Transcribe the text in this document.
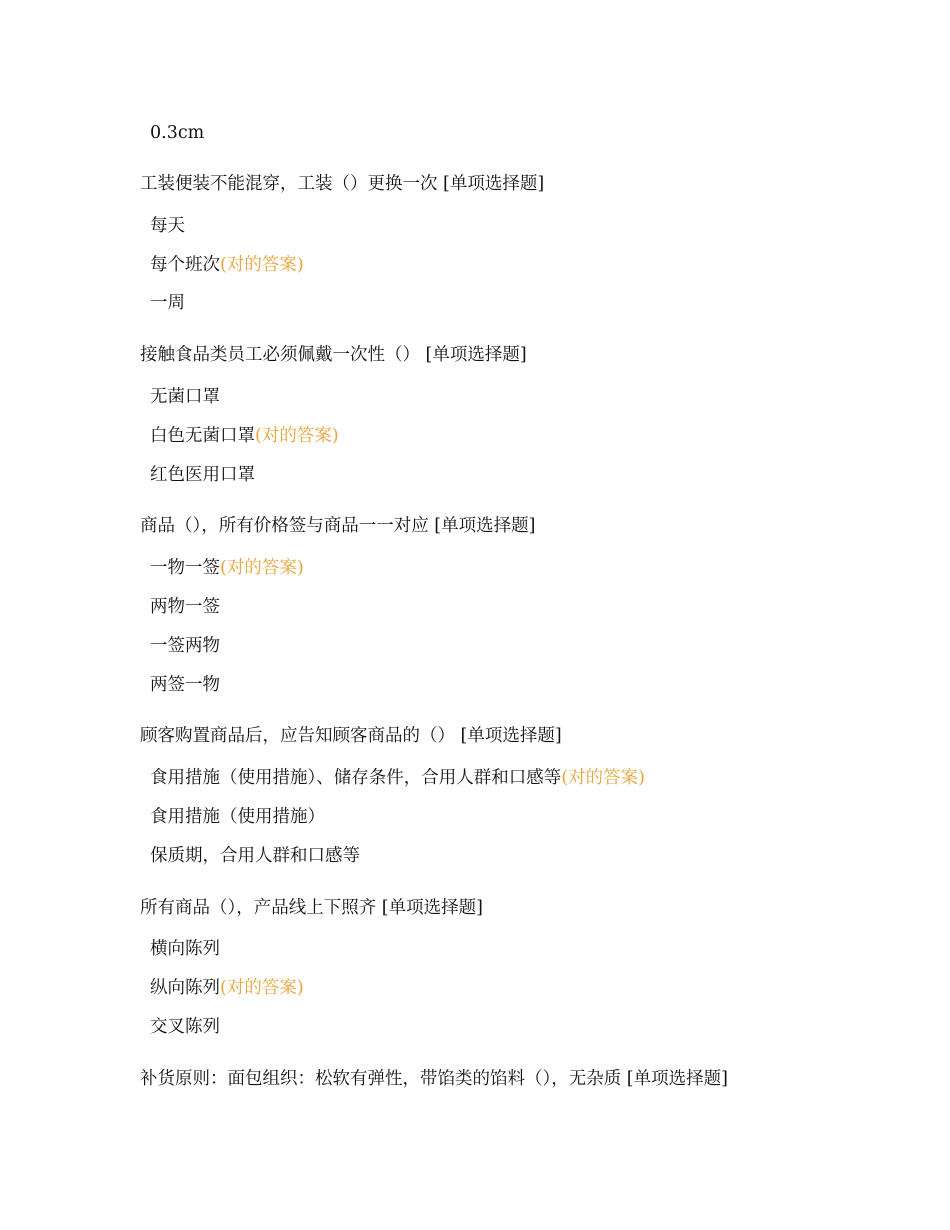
0.3cm
工装便装不能混穿，工装（）更换一次 [单项选择题]
每天
每个班次(对的答案)
一周
接触食品类员工必须佩戴一次性（） [单项选择题]
无菌口罩
白色无菌口罩(对的答案)
红色医用口罩
商品（），所有价格签与商品一一对应 [单项选择题]
一物一签(对的答案)
两物一签
一签两物
两签一物
顾客购置商品后，应告知顾客商品的（） [单项选择题]
食用措施（使用措施）、储存条件，合用人群和口感等(对的答案)
食用措施（使用措施）
保质期，合用人群和口感等
所有商品（），产品线上下照齐 [单项选择题]
横向陈列
纵向陈列(对的答案)
交叉陈列
补货原则：面包组织：松软有弹性，带馅类的馅料（），无杂质 [单项选择题]
